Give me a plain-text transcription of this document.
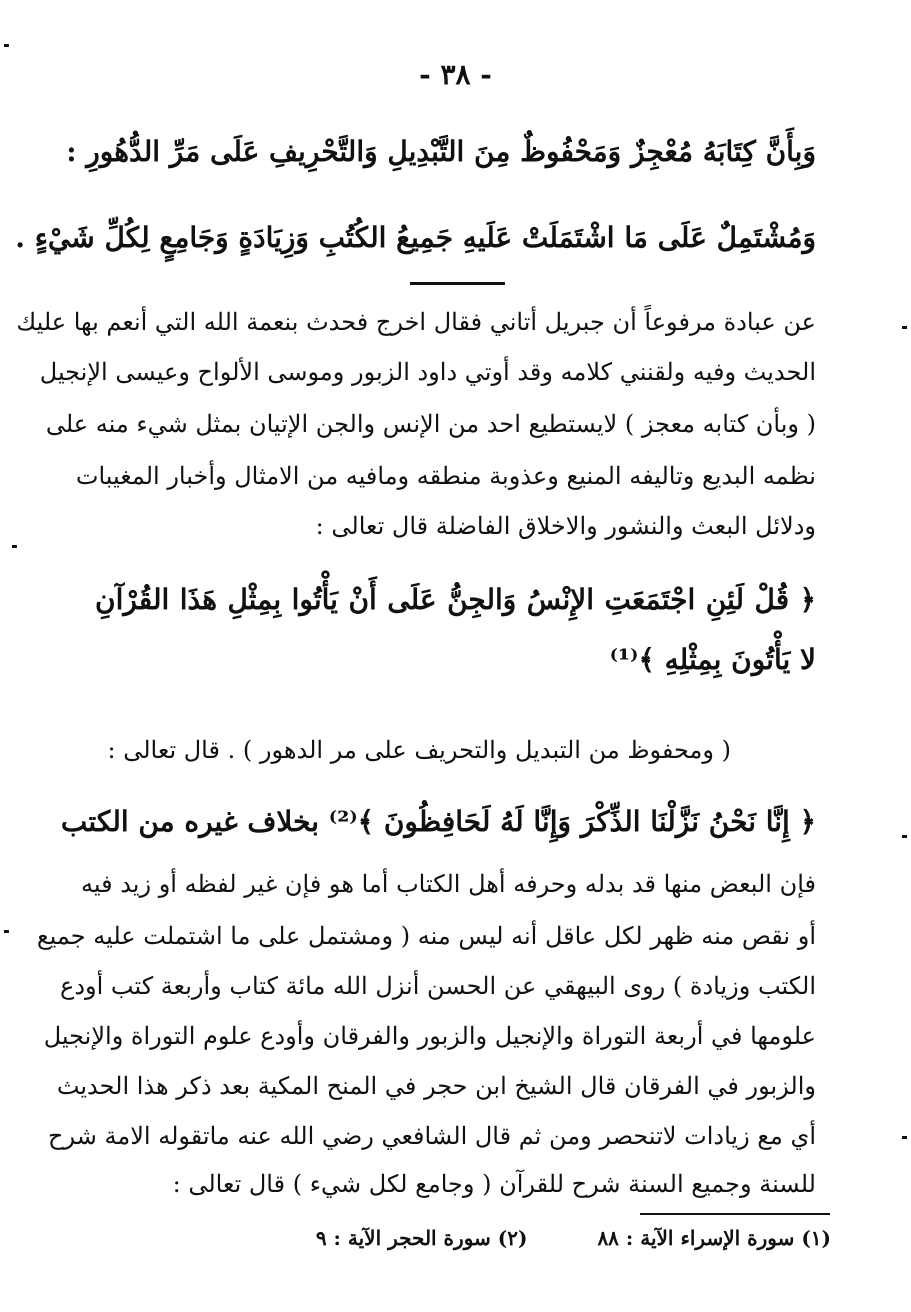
- ٣٨ -
وَبِأَنَّ كِتَابَهُ مُعْجِزٌ وَمَحْفُوظٌ مِنَ التَّبْدِيلِ وَالتَّحْرِيفِ عَلَى مَرِّ الدُّهُورِ :
وَمُشْتَمِلٌ عَلَى مَا اشْتَمَلَتْ عَلَيهِ جَمِيعُ الكُتُبِ وَزِيَادَةٍ وَجَامِعٍ لِكُلِّ شَيْءٍ .
عن عبادة مرفوعاً أن جبريل أتاني فقال اخرج فحدث بنعمة الله التي أنعم بها عليك
الحديث وفيه ولقنني كلامه وقد أوتي داود الزبور وموسى الألواح وعيسى الإنجيل
( وبأن كتابه معجز ) لايستطيع احد من الإنس والجن الإتيان بمثل شيء منه على
نظمه البديع وتاليفه المنيع وعذوبة منطقه ومافيه من الامثال وأخبار المغيبات
ودلائل البعث والنشور والاخلاق الفاضلة قال تعالى :
﴿ قُلْ لَئِنِ اجْتَمَعَتِ الإِنْسُ وَالجِنُّ عَلَى أَنْ يَأْتُوا بِمِثْلِ هَذَا القُرْآنِ
لا يَأْتُونَ بِمِثْلِهِ ﴾⁽¹⁾
( ومحفوظ من التبديل والتحريف على مر الدهور ) . قال تعالى :
﴿ إِنَّا نَحْنُ نَزَّلْنَا الذِّكْرَ وَإِنَّا لَهُ لَحَافِظُونَ ﴾⁽²⁾ بخلاف غيره من الكتب
فإن البعض منها قد بدله وحرفه أهل الكتاب أما هو فإن غير لفظه أو زيد فيه
أو نقص منه ظهر لكل عاقل أنه ليس منه ( ومشتمل على ما اشتملت عليه جميع
الكتب وزيادة ) روى البيهقي عن الحسن أنزل الله مائة كتاب وأربعة كتب أودع
علومها في أربعة التوراة والإنجيل والزبور والفرقان وأودع علوم التوراة والإنجيل
والزبور في الفرقان قال الشيخ ابن حجر في المنح المكية بعد ذكر هذا الحديث
أي مع زيادات لاتنحصر ومن ثم قال الشافعي رضي الله عنه ماتقوله الامة شرح
للسنة وجميع السنة شرح للقرآن ( وجامع لكل شيء ) قال تعالى :
(١) سورة الإسراء الآية : ٨٨
(٢) سورة الحجر الآية : ٩
